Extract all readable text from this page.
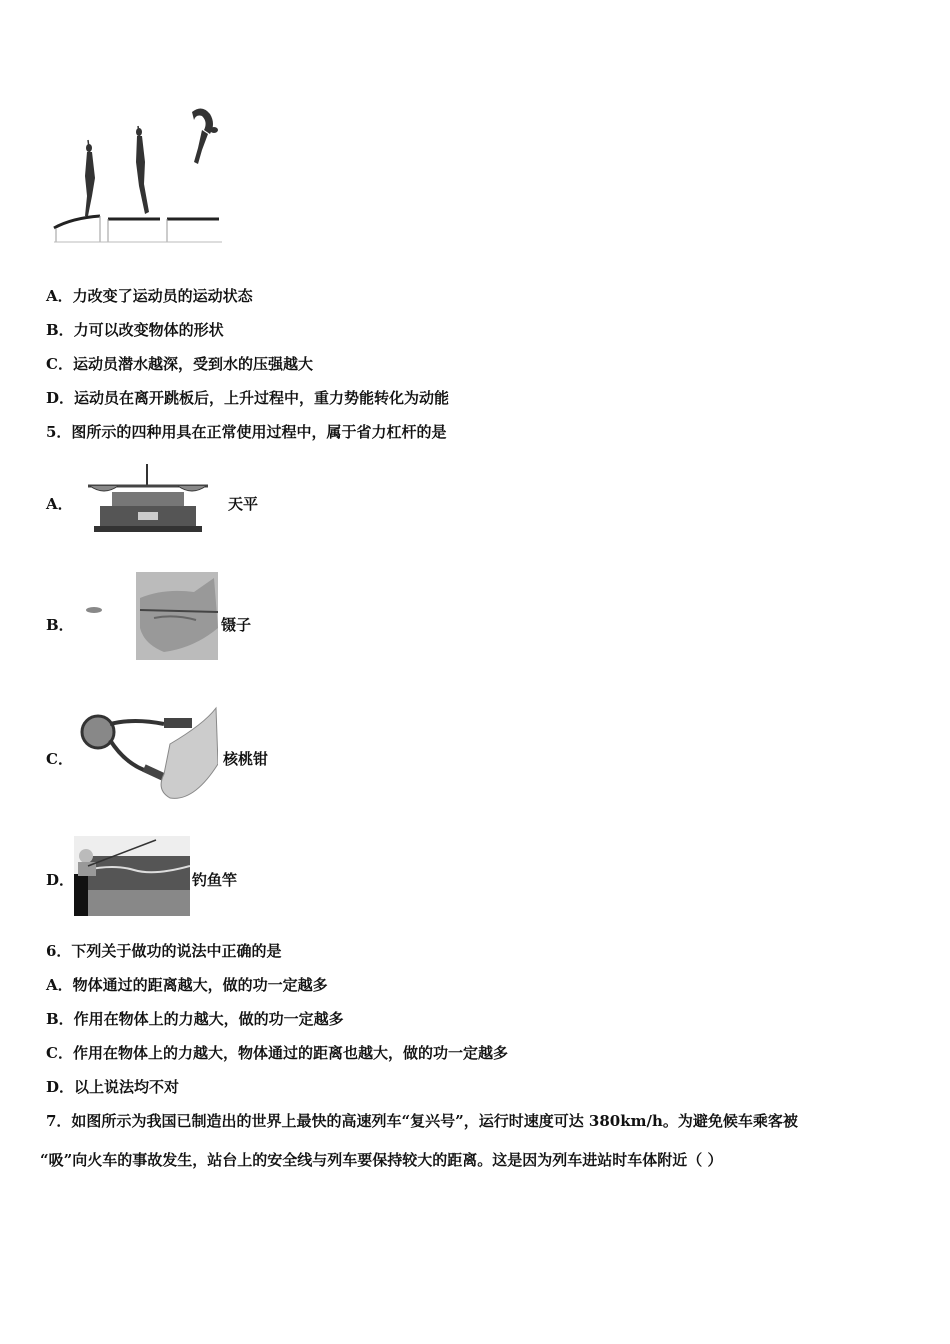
A．力改变了运动员的运动状态
B．力可以改变物体的形状
C．运动员潜水越深，受到水的压强越大
D．运动员在离开跳板后，上升过程中，重力势能转化为动能
5．图所示的四种用具在正常使用过程中，属于省力杠杆的是
A．	天平
B．	镊子
C．	核桃钳
D．	钓鱼竿
6．下列关于做功的说法中正确的是
A．物体通过的距离越大，做的功一定越多
B．作用在物体上的力越大，做的功一定越多
C．作用在物体上的力越大，物体通过的距离也越大，做的功一定越多
D．以上说法均不对
7．如图所示为我国已制造出的世界上最快的高速列车“复兴号”，运行时速度可达 380km/h。为避免候车乘客被
“吸”向火车的事故发生，站台上的安全线与列车要保持较大的距离。这是因为列车进站时车体附近（ ）
